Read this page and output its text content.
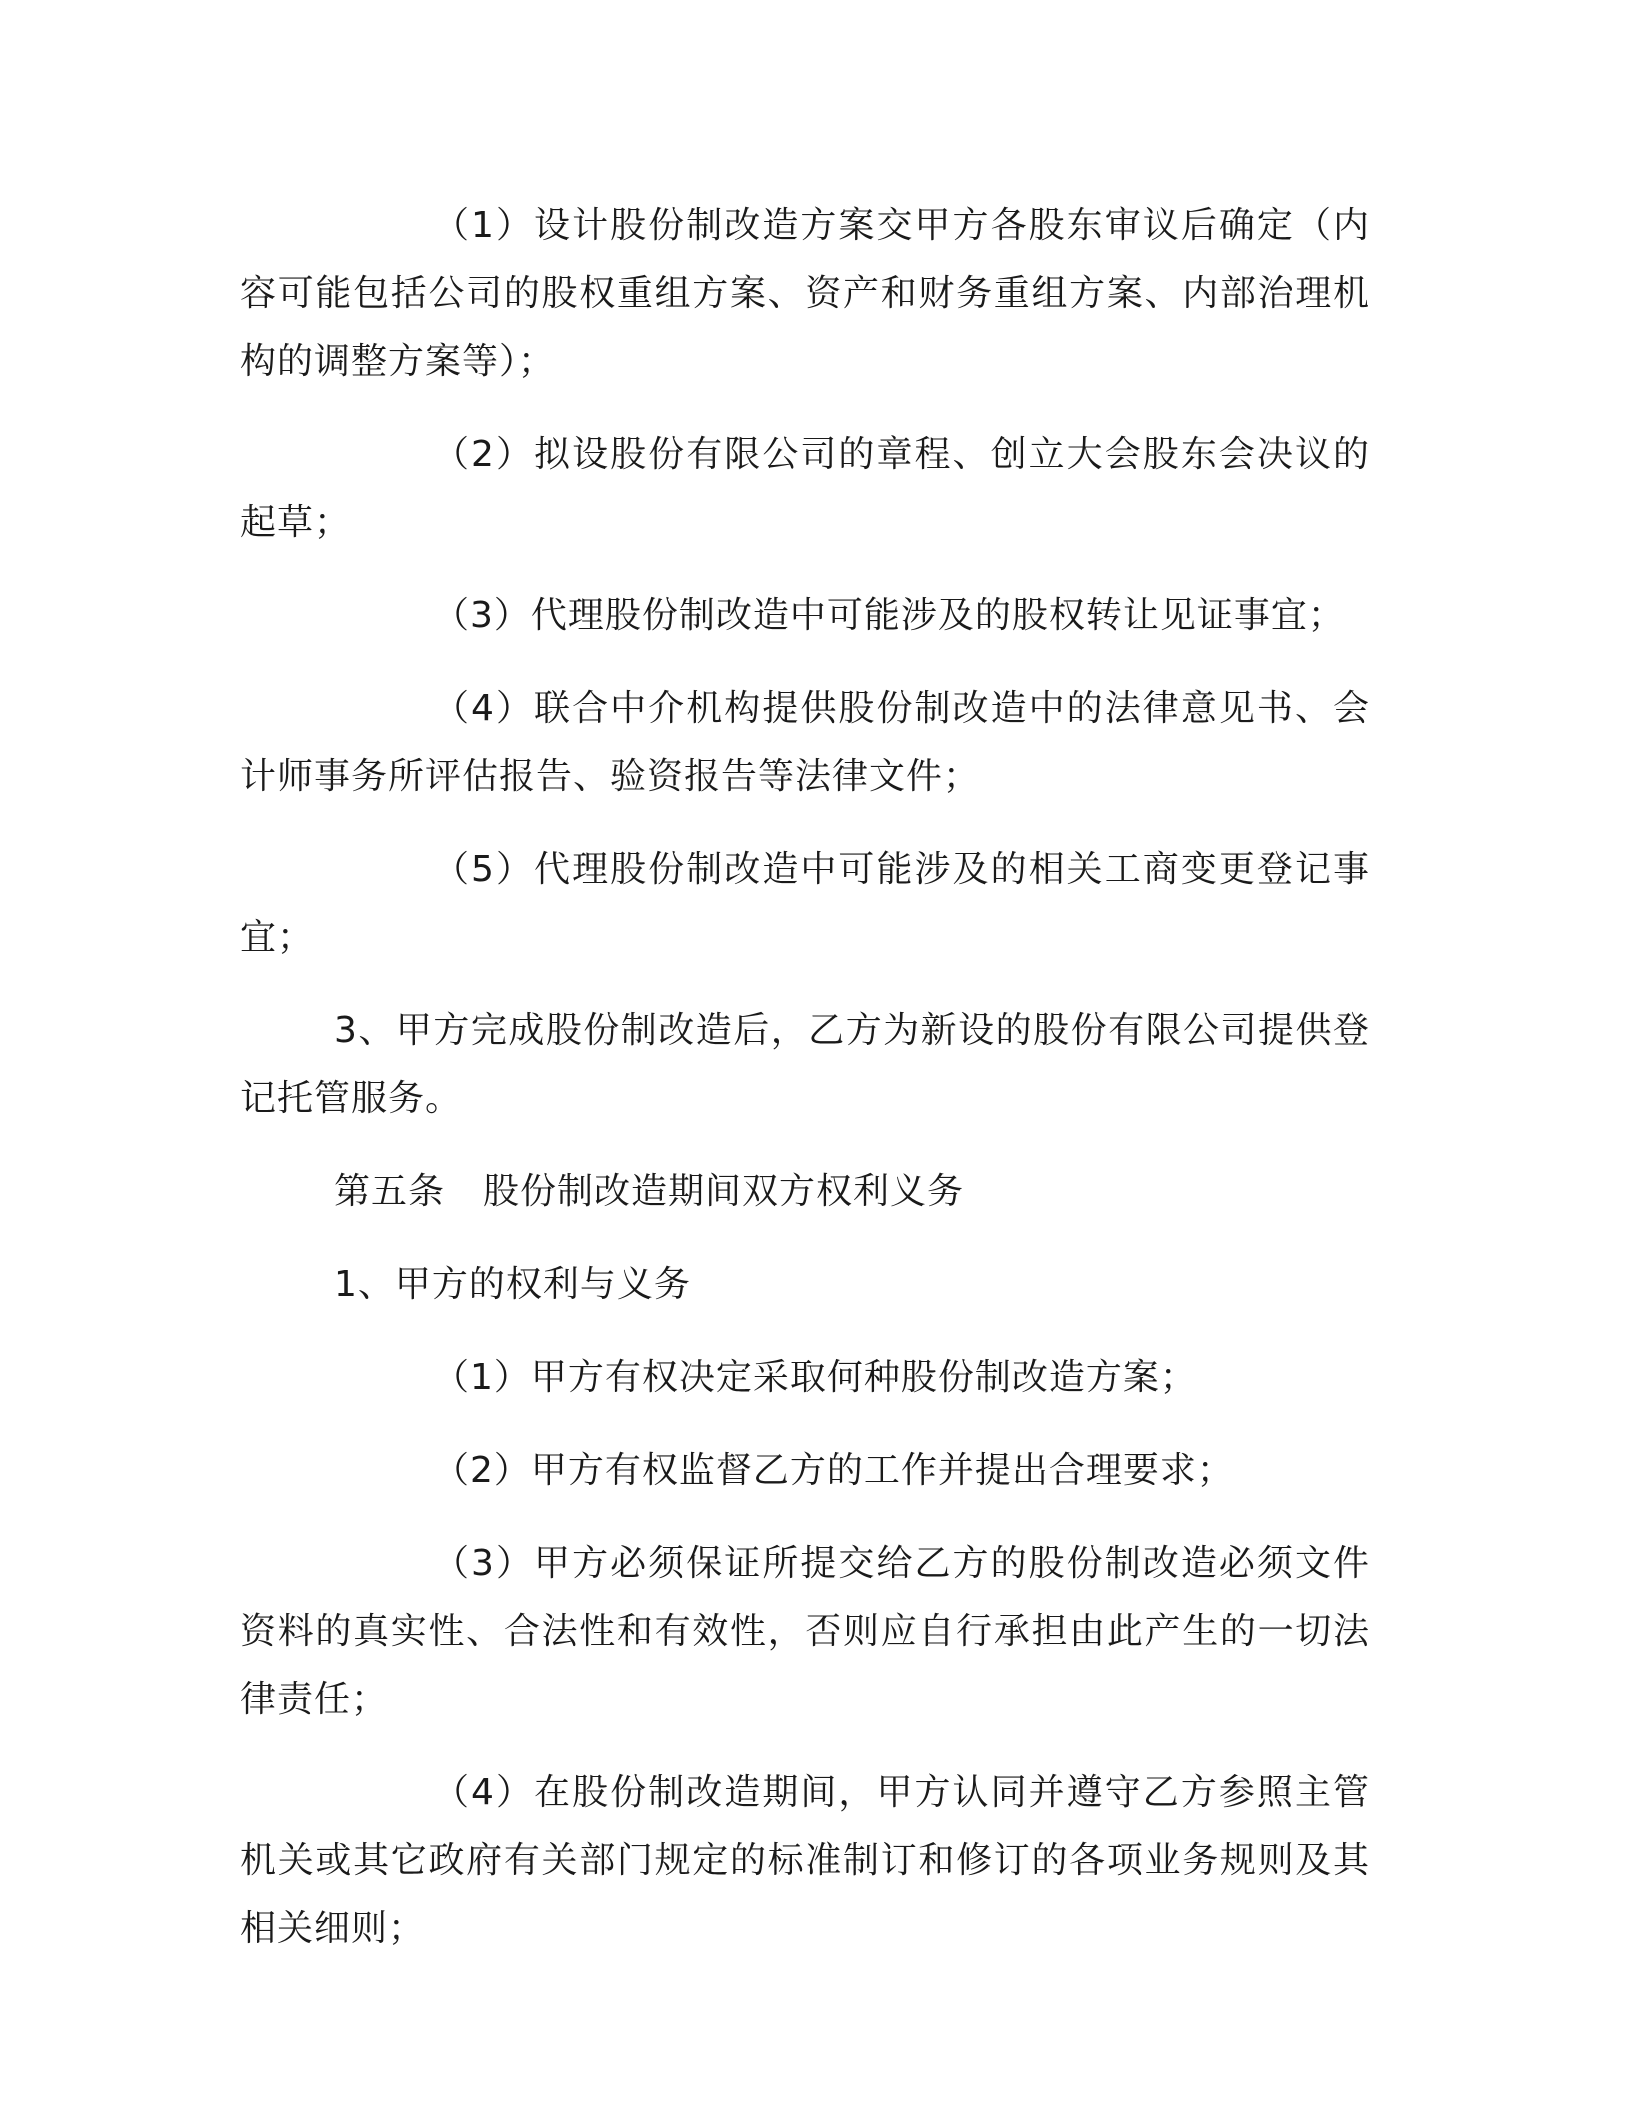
（1）设计股份制改造方案交甲方各股东审议后确定（内容可能包括公司的股权重组方案、资产和财务重组方案、内部治理机构的调整方案等）；

（2）拟设股份有限公司的章程、创立大会股东会决议的起草；

（3）代理股份制改造中可能涉及的股权转让见证事宜；

（4）联合中介机构提供股份制改造中的法律意见书、会计师事务所评估报告、验资报告等法律文件；

（5）代理股份制改造中可能涉及的相关工商变更登记事宜；

3、甲方完成股份制改造后，乙方为新设的股份有限公司提供登记托管服务。

第五条 股份制改造期间双方权利义务

1、甲方的权利与义务

（1）甲方有权决定采取何种股份制改造方案；

（2）甲方有权监督乙方的工作并提出合理要求；

（3）甲方必须保证所提交给乙方的股份制改造必须文件资料的真实性、合法性和有效性，否则应自行承担由此产生的一切法律责任；

（4）在股份制改造期间，甲方认同并遵守乙方参照主管机关或其它政府有关部门规定的标准制订和修订的各项业务规则及其相关细则；
